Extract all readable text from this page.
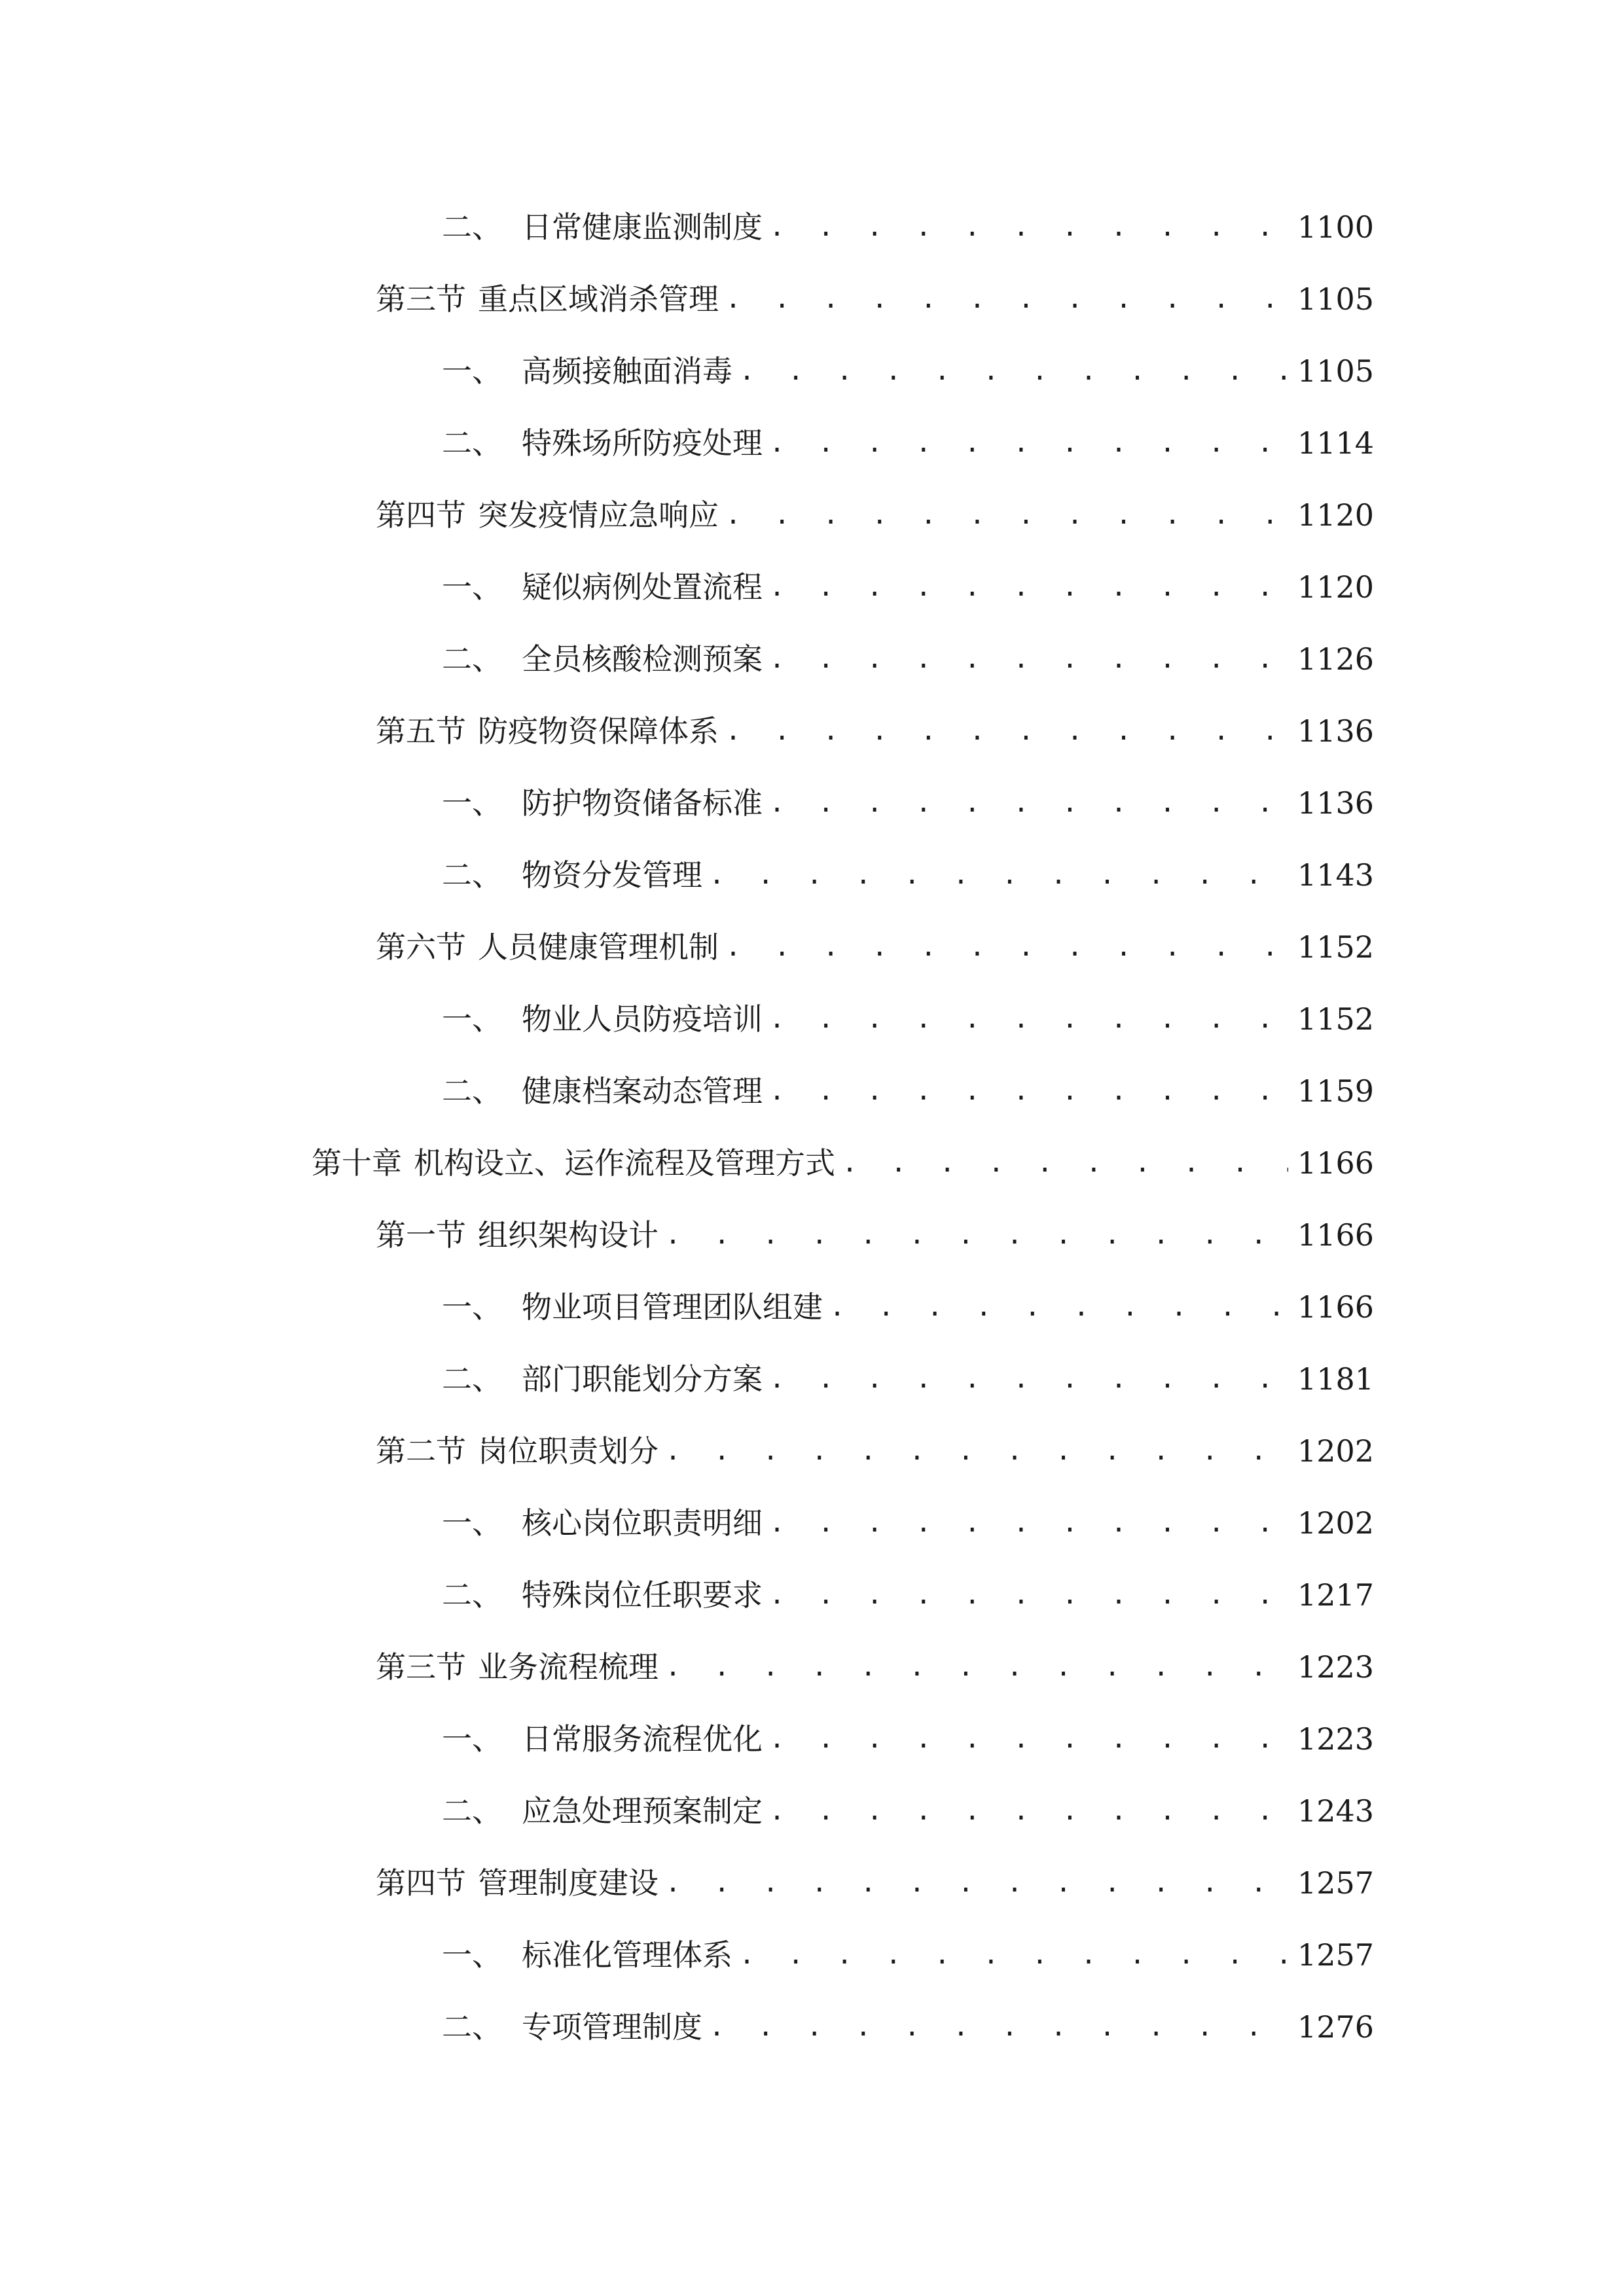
二、 日常健康监测制度 . . .	1100
第三节 重点区域消杀管理 . . .	1105
一、 高频接触面消毒 . . .	1105
二、 特殊场所防疫处理 . . .	1114
第四节 突发疫情应急响应 . . .	1120
一、 疑似病例处置流程 . . .	1120
二、 全员核酸检测预案 . . .	1126
第五节 防疫物资保障体系 . . .	1136
一、 防护物资储备标准 . . .	1136
二、 物资分发管理 . . .	1143
第六节 人员健康管理机制 . . .	1152
一、 物业人员防疫培训 . . .	1152
二、 健康档案动态管理 . . .	1159
第十章 机构设立、运作流程及管理方式 . . .	1166
第一节 组织架构设计 . . .	1166
一、 物业项目管理团队组建 . . .	1166
二、 部门职能划分方案 . . .	1181
第二节 岗位职责划分 . . .	1202
一、 核心岗位职责明细 . . .	1202
二、 特殊岗位任职要求 . . .	1217
第三节 业务流程梳理 . . .	1223
一、 日常服务流程优化 . . .	1223
二、 应急处理预案制定 . . .	1243
第四节 管理制度建设 . . .	1257
一、 标准化管理体系 . . .	1257
二、 专项管理制度 . . .	1276
